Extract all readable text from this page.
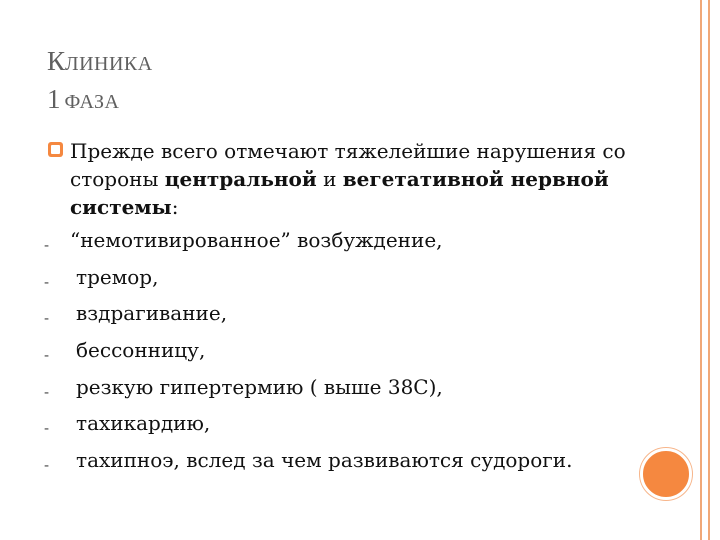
КЛИНИКА
1 ФАЗА
Прежде всего отмечают тяжелейшие нарушения со стороны центральной и вегетативной нервной системы:
- “немотивированное” возбуждение,
- тремор,
- вздрагивание,
- бессонницу,
- резкую гипертермию ( выше 38С),
- тахикардию,
- тахипноэ, вслед за чем развиваются судороги.
